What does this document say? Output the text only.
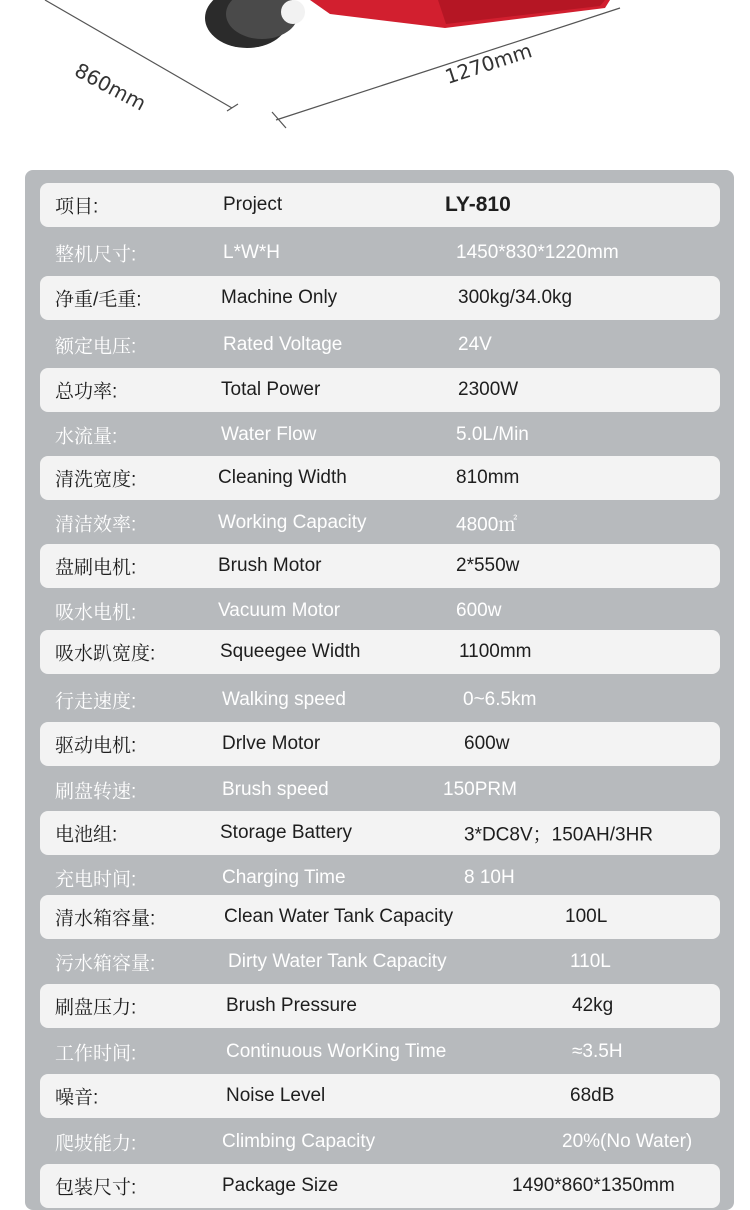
860mm	1270mm
项目:	Project	LY-810
整机尺寸:	L*W*H	1450*830*1220mm
净重/毛重:	Machine Only	300kg/34.0kg
额定电压:	Rated Voltage	24V
总功率:	Total Power	2300W
水流量:	Water Flow	5.0L/Min
清洗宽度:	Cleaning Width	810mm
清洁效率:	Working Capacity	4800㎡
盘刷电机:	Brush Motor	2*550w
吸水电机:	Vacuum Motor	600w
吸水趴宽度:	Squeegee Width	1100mm
行走速度:	Walking speed	0~6.5km
驱动电机:	Drlve Motor	600w
刷盘转速:	Brush speed	150PRM
电池组:	Storage Battery	3*DC8V；150AH/3HR
充电时间:	Charging Time	8 10H
清水箱容量:	Clean Water Tank Capacity	100L
污水箱容量:	Dirty Water Tank Capacity	110L
刷盘压力:	Brush Pressure	42kg
工作时间:	Continuous WorKing Time	≈3.5H
噪音:	Noise Level	68dB
爬坡能力:	Climbing Capacity	20%(No Water)
包装尺寸:	Package Size	1490*860*1350mm
